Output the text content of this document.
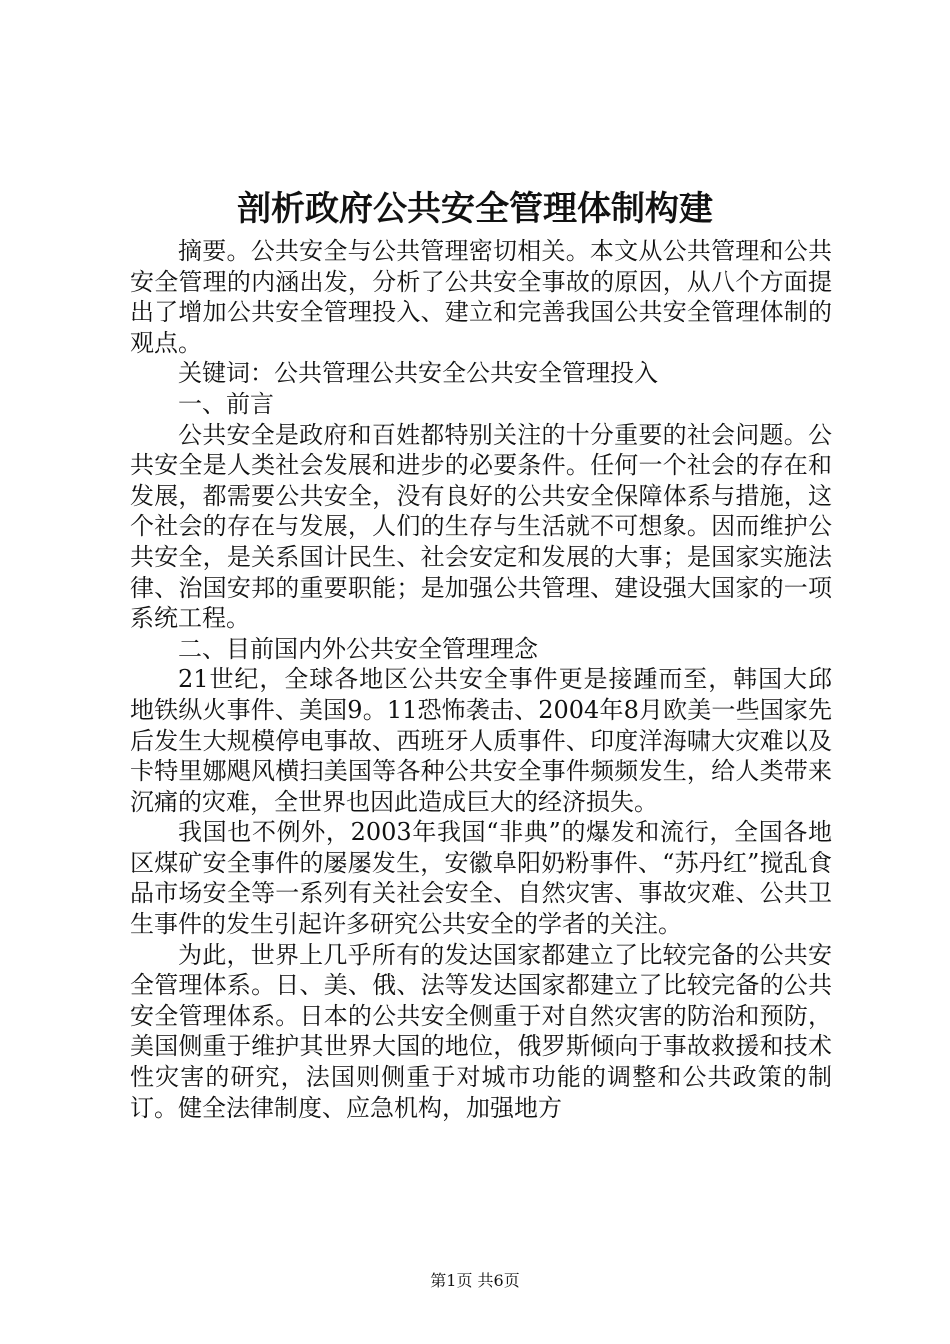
剖析政府公共安全管理体制构建

摘要。公共安全与公共管理密切相关。本文从公共管理和公共安全管理的内涵出发，分析了公共安全事故的原因，从八个方面提出了增加公共安全管理投入、建立和完善我国公共安全管理体制的观点。

关键词：公共管理公共安全公共安全管理投入

一、前言

公共安全是政府和百姓都特别关注的十分重要的社会问题。公共安全是人类社会发展和进步的必要条件。任何一个社会的存在和发展，都需要公共安全，没有良好的公共安全保障体系与措施，这个社会的存在与发展，人们的生存与生活就不可想象。因而维护公共安全，是关系国计民生、社会安定和发展的大事；是国家实施法律、治国安邦的重要职能；是加强公共管理、建设强大国家的一项系统工程。

二、目前国内外公共安全管理理念

21世纪，全球各地区公共安全事件更是接踵而至，韩国大邱地铁纵火事件、美国9。11恐怖袭击、2004年8月欧美一些国家先后发生大规模停电事故、西班牙人质事件、印度洋海啸大灾难以及卡特里娜飓风横扫美国等各种公共安全事件频频发生，给人类带来沉痛的灾难，全世界也因此造成巨大的经济损失。

我国也不例外，2003年我国“非典”的爆发和流行，全国各地区煤矿安全事件的屡屡发生，安徽阜阳奶粉事件、“苏丹红”搅乱食品市场安全等一系列有关社会安全、自然灾害、事故灾难、公共卫生事件的发生引起许多研究公共安全的学者的关注。

为此，世界上几乎所有的发达国家都建立了比较完备的公共安全管理体系。日、美、俄、法等发达国家都建立了比较完备的公共安全管理体系。日本的公共安全侧重于对自然灾害的防治和预防，美国侧重于维护其世界大国的地位，俄罗斯倾向于事故救援和技术性灾害的研究，法国则侧重于对城市功能的调整和公共政策的制订。健全法律制度、应急机构，加强地方

第1页 共6页
